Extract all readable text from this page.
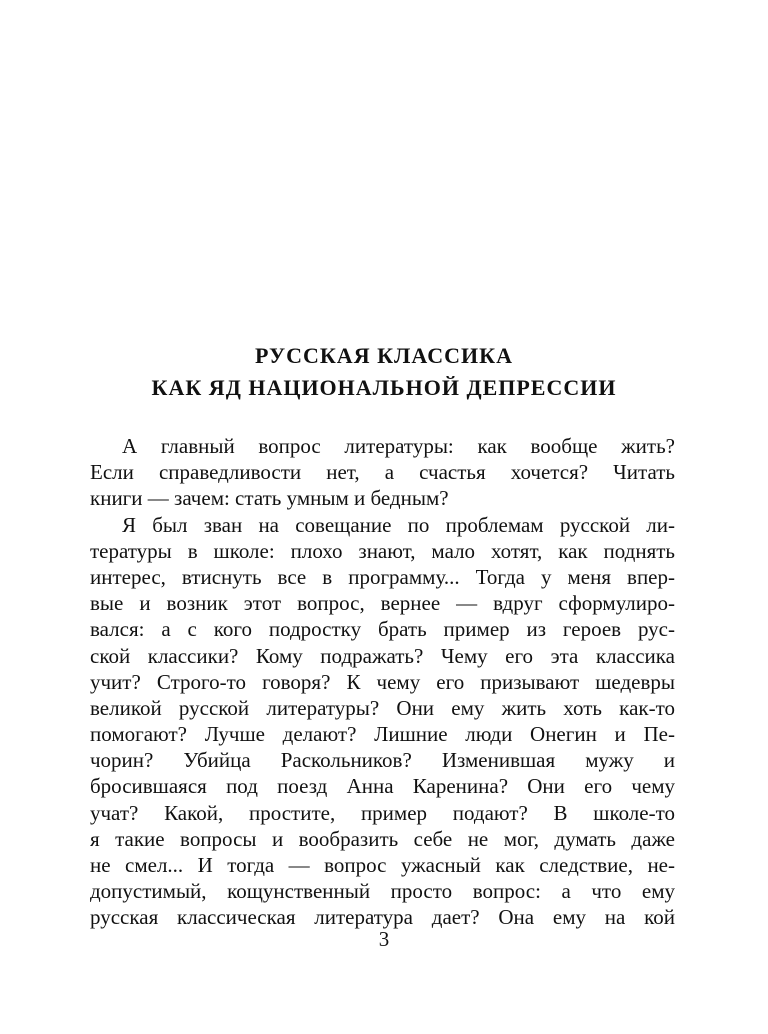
РУССКАЯ КЛАССИКА
КАК ЯД НАЦИОНАЛЬНОЙ ДЕПРЕССИИ
А главный вопрос литературы: как вообще жить?
Если справедливости нет, а счастья хочется? Читать
книги — зачем: стать умным и бедным?
Я был зван на совещание по проблемам русской ли-
тературы в школе: плохо знают, мало хотят, как поднять
интерес, втиснуть все в программу... Тогда у меня впер-
вые и возник этот вопрос, вернее — вдруг сформулиро-
вался: а с кого подростку брать пример из героев рус-
ской классики? Кому подражать? Чему его эта классика
учит? Строго-то говоря? К чему его призывают шедевры
великой русской литературы? Они ему жить хоть как-то
помогают? Лучше делают? Лишние люди Онегин и Пе-
чорин? Убийца Раскольников? Изменившая мужу и
бросившаяся под поезд Анна Каренина? Они его чему
учат? Какой, простите, пример подают? В школе-то
я такие вопросы и вообразить себе не мог, думать даже
не смел... И тогда — вопрос ужасный как следствие, не-
допустимый, кощунственный просто вопрос: а что ему
русская классическая литература дает? Она ему на кой
3
